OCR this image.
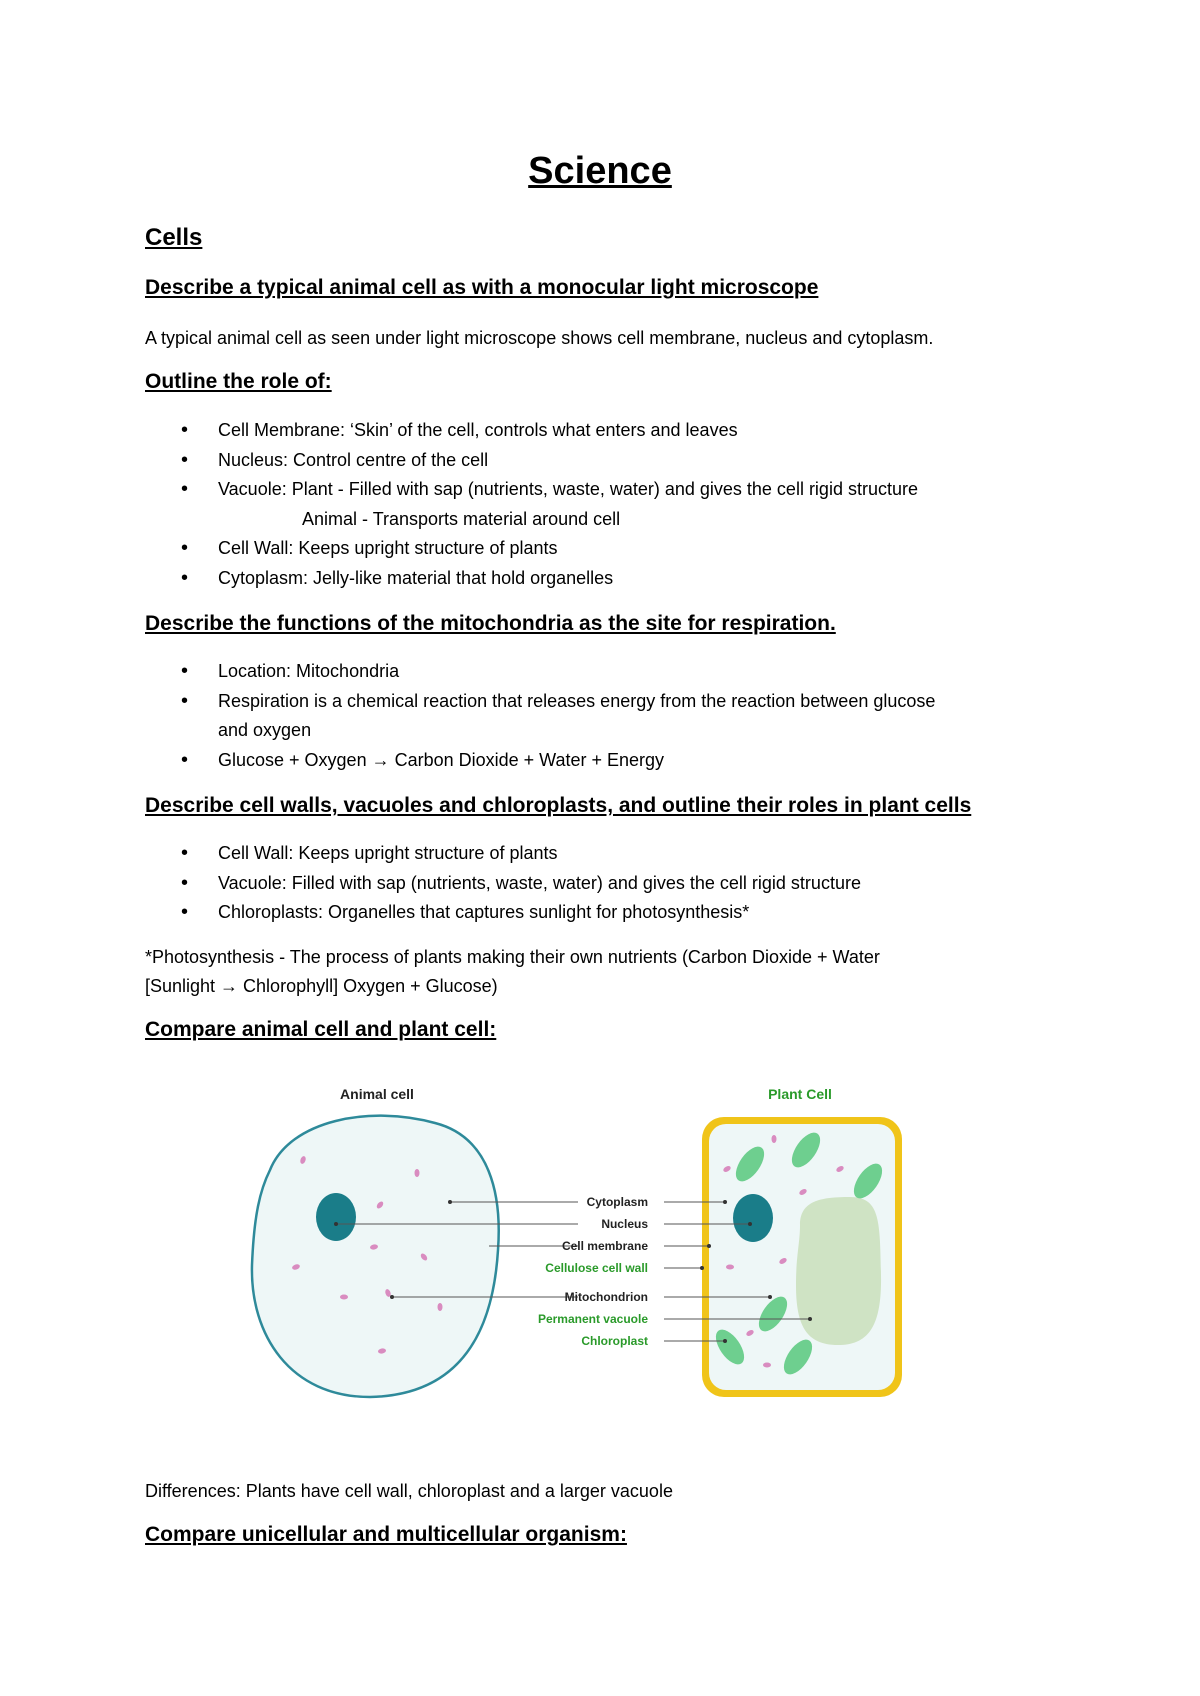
Science
Cells
Describe a typical animal cell as with a monocular light microscope

A typical animal cell as seen under light microscope shows cell membrane, nucleus and cytoplasm.

Outline the role of:
• Cell Membrane: ‘Skin’ of the cell, controls what enters and leaves
• Nucleus: Control centre of the cell
• Vacuole: Plant - Filled with sap (nutrients, waste, water) and gives the cell rigid structure
Animal - Transports material around cell
• Cell Wall: Keeps upright structure of plants
• Cytoplasm: Jelly-like material that hold organelles
Describe the functions of the mitochondria as the site for respiration.
• Location: Mitochondria
• Respiration is a chemical reaction that releases energy from the reaction between glucose
and oxygen
• Glucose + Oxygen → Carbon Dioxide + Water + Energy
Describe cell walls, vacuoles and chloroplasts, and outline their roles in plant cells
• Cell Wall: Keeps upright structure of plants
• Vacuole: Filled with sap (nutrients, waste, water) and gives the cell rigid structure
• Chloroplasts: Organelles that captures sunlight for photosynthesis*

*Photosynthesis - The process of plants making their own nutrients (Carbon Dioxide + Water

[Sunlight → Chlorophyll] Oxygen + Glucose)

Compare animal cell and plant cell:
Animal cell	Plant Cell
Cytoplasm
Nucleus
Cell membrane
Cellulose cell wall
Mitochondrion
Permanent vacuole
Chloroplast

Differences: Plants have cell wall, chloroplast and a larger vacuole

Compare unicellular and multicellular organism:
